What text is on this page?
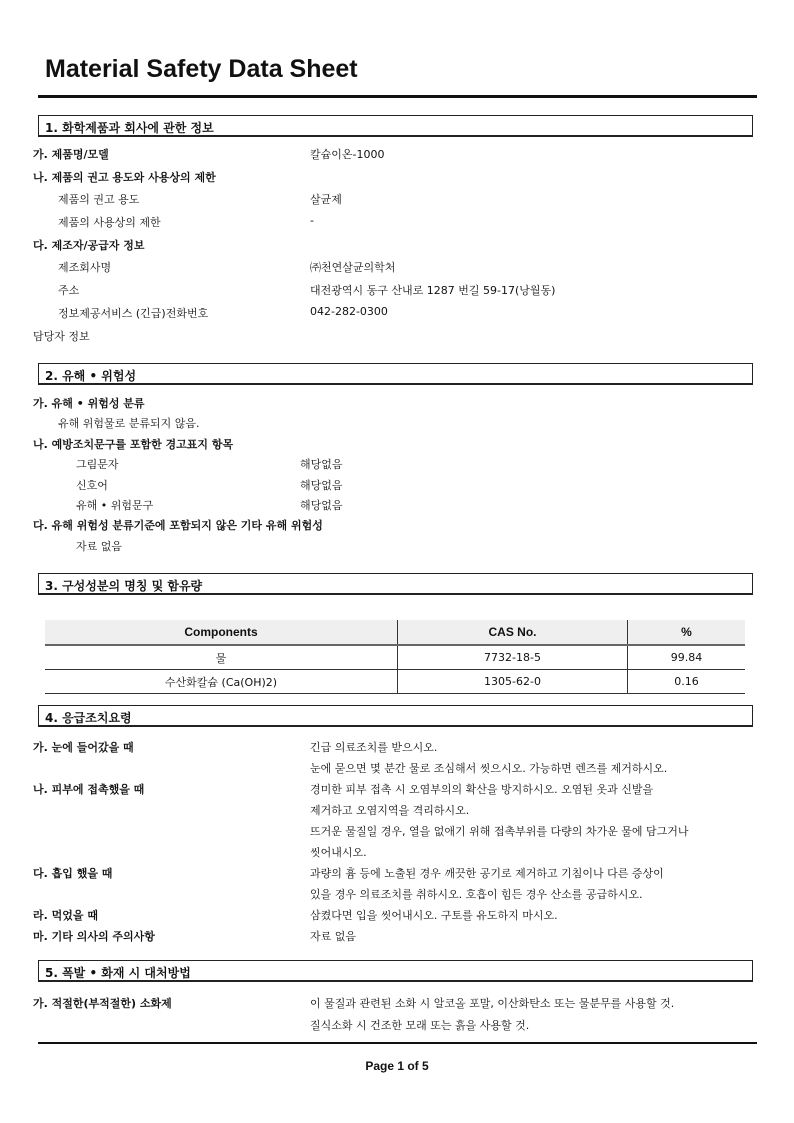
Material Safety Data Sheet
1. 화학제품과 회사에 관한 정보
가. 제품명/모델	칼슘이온-1000
나. 제품의 권고 용도와 사용상의 제한
제품의 권고 용도	살균제
제품의 사용상의 제한	-
다. 제조자/공급자 정보
제조회사명	㈜천연살균의학처
주소	대전광역시 동구 산내로 1287 번길 59-17(낭월동)
정보제공서비스 (긴급)전화번호	042-282-0300
담당자 정보
2. 유해 • 위험성
가. 유해 • 위험성 분류
유해 위험물로 분류되지 않음.
나. 예방조치문구를 포함한 경고표지 항목
그림문자	해당없음
신호어	해당없음
유해 • 위험문구	해당없음
다. 유해 위험성 분류기준에 포함되지 않은 기타 유해 위험성
자료 없음
3. 구성성분의 명칭 및 함유량
Components	CAS No.	%
물	7732-18-5	99.84
수산화칼슘 (Ca(OH)2)	1305-62-0	0.16
4. 응급조치요령
가. 눈에 들어갔을 때	긴급 의료조치를 받으시오.
눈에 묻으면 몇 분간 물로 조심해서 씻으시오. 가능하면 렌즈를 제거하시오.
나. 피부에 접촉했을 때	경미한 피부 접촉 시 오염부의의 확산을 방지하시오. 오염된 옷과 신발을
제거하고 오염지역을 격리하시오.
뜨거운 물질일 경우, 열을 없애기 위해 접촉부위를 다량의 차가운 물에 담그거나
씻어내시오.
다. 흡입 했을 때	과량의 흄 등에 노출된 경우 깨끗한 공기로 제거하고 기침이나 다른 증상이
있을 경우 의료조치를 취하시오. 호흡이 힘든 경우 산소를 공급하시오.
라. 먹었을 때	삼켰다면 입을 씻어내시오. 구토를 유도하지 마시오.
마. 기타 의사의 주의사항	자료 없음
5. 폭발 • 화재 시 대처방법
가. 적절한(부적절한) 소화제	이 물질과 관련된 소화 시 알코올 포말, 이산화탄소 또는 물분무를 사용할 것.
질식소화 시 건조한 모래 또는 흙을 사용할 것.
Page 1 of 5
